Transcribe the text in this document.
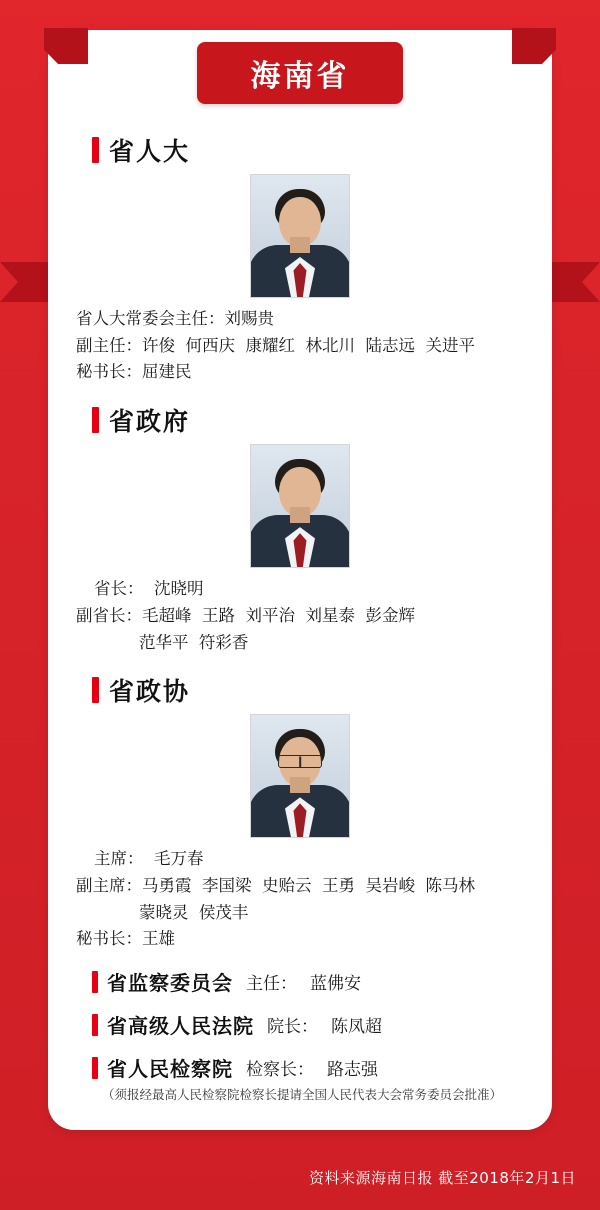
海南省
省人大
省人大常委会主任：刘赐贵
副主任：许俊  何西庆  康耀红  林北川  陆志远  关进平
秘书长：屈建民
省政府
省长：  沈晓明
副省长：毛超峰  王路  刘平治  刘星泰  彭金辉
范华平  符彩香
省政协
主席：  毛万春
副主席：马勇霞  李国梁  史贻云  王勇  吴岩峻  陈马林
蒙晓灵  侯茂丰
秘书长：王雄
省监察委员会 主任： 蓝佛安
省高级人民法院 院长： 陈凤超
省人民检察院 检察长： 路志强
（须报经最高人民检察院检察长提请全国人民代表大会常务委员会批准）
资料来源海南日报 截至2018年2月1日
